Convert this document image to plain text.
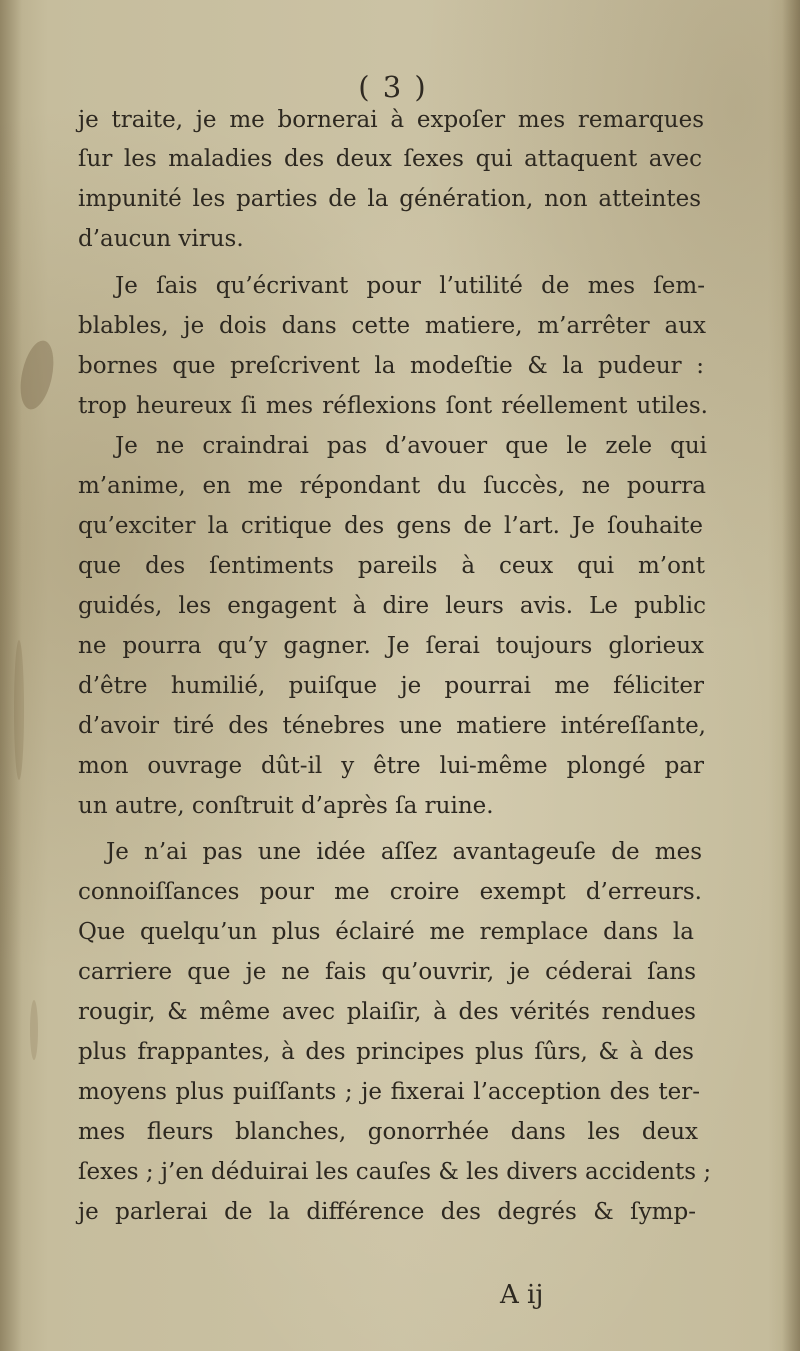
( 3 )
je traite, je me bornerai à expoſer mes remarques
ſur les maladies des deux ſexes qui attaquent avec
impunité les parties de la génération, non atteintes
d’aucun virus.
Je ſais qu’écrivant pour l’utilité de mes ſem-
blables, je dois dans cette matiere, m’arrêter aux
bornes que preſcrivent la modeſtie & la pudeur :
trop heureux ſi mes réflexions ſont réellement utiles.
Je ne craindrai pas d’avouer que le zele qui
m’anime, en me répondant du ſuccès, ne pourra
qu’exciter la critique des gens de l’art. Je ſouhaite
que des ſentiments pareils à ceux qui m’ont
guidés, les engagent à dire leurs avis. Le public
ne pourra qu’y gagner. Je ſerai toujours glorieux
d’être humilié, puiſque je pourrai me féliciter
d’avoir tiré des ténebres une matiere intéreſſante,
mon ouvrage dût-il y être lui-même plongé par
un autre, conſtruit d’après ſa ruine.
Je n’ai pas une idée aſſez avantageuſe de mes
connoiſſances pour me croire exempt d’erreurs.
Que quelqu’un plus éclairé me remplace dans la
carriere que je ne fais qu’ouvrir, je céderai ſans
rougir, & même avec plaiſir, à des vérités rendues
plus frappantes, à des principes plus ſûrs, & à des
moyens plus puiſſants ; je fixerai l’acception des ter-
mes fleurs blanches, gonorrhée dans les deux
ſexes ; j’en déduirai les cauſes & les divers accidents ;
je parlerai de la différence des degrés & ſymp-
A ij
